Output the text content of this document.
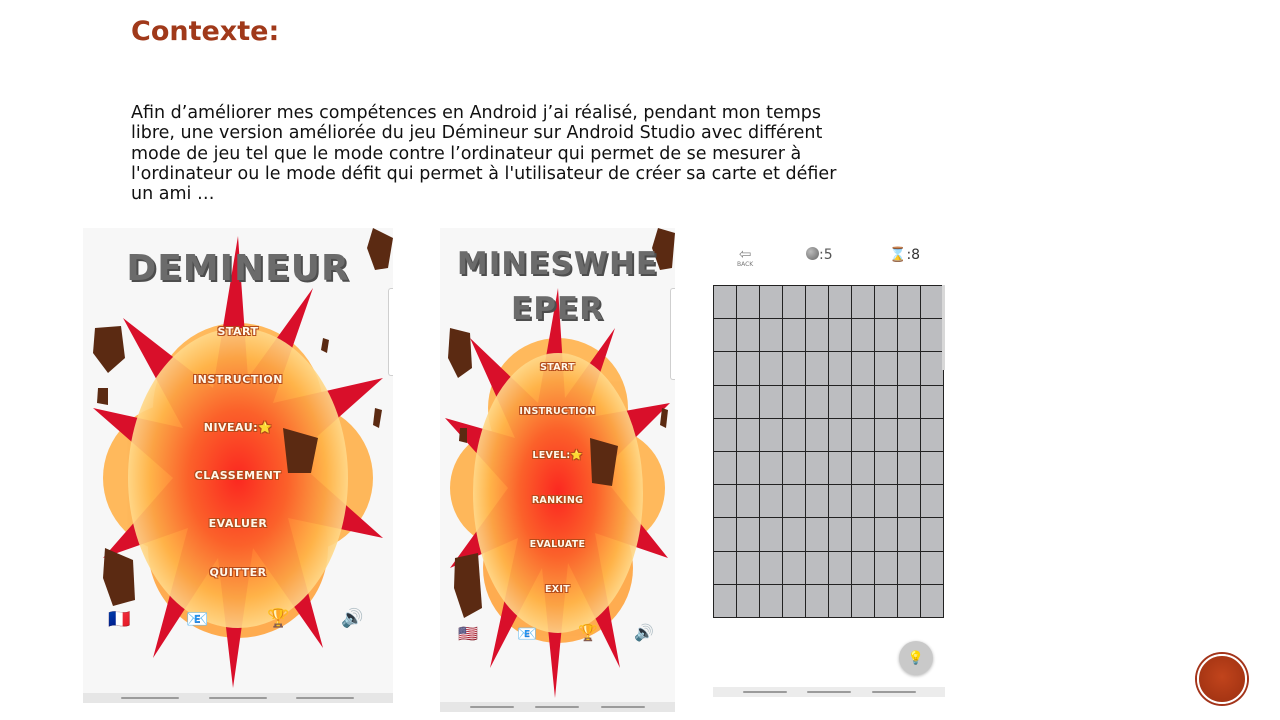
Contexte:

Afin d’améliorer mes compétences en Android j’ai réalisé, pendant mon temps libre, une version améliorée du jeu Démineur sur Android Studio avec différent mode de jeu tel que le mode contre l’ordinateur qui permet de se mesurer à l'ordinateur ou le mode défit qui permet à l'utilisateur de créer sa carte et défier un ami …

DEMINEUR
START
INSTRUCTION
NIVEAU:⭐
CLASSEMENT
EVALUER
QUITTER
🇫🇷	📧	🏆	🔊
MINESWHE
EPER
START
INSTRUCTION
LEVEL:⭐
RANKING
EVALUATE
EXIT
🇺🇸 📧	🏆 🔊
⇦
BACK
:5	⌛:8
💡
